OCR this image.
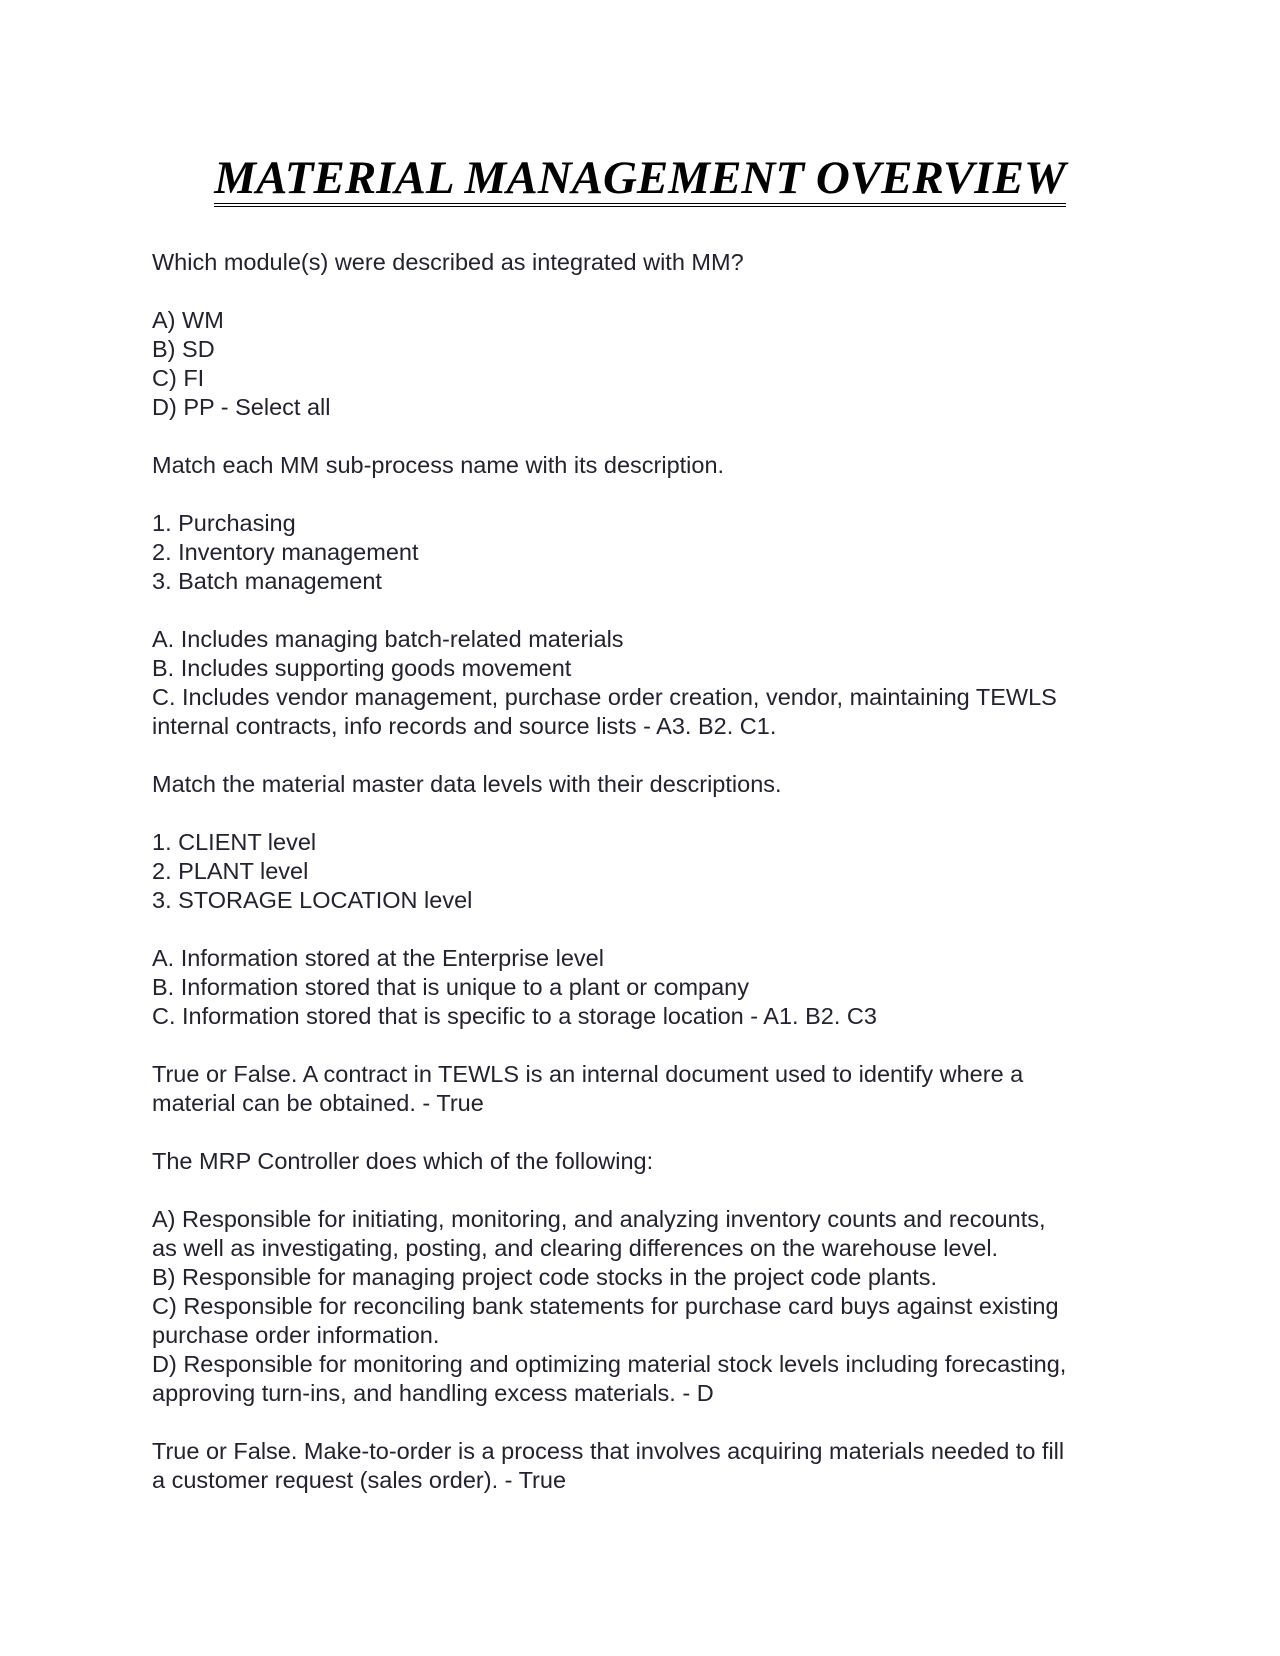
MATERIAL MANAGEMENT OVERVIEW
Which module(s) were described as integrated with MM?
A) WM
B) SD
C) FI
D) PP - Select all
Match each MM sub-process name with its description.
1. Purchasing
2. Inventory management
3. Batch management
A. Includes managing batch-related materials
B. Includes supporting goods movement
C. Includes vendor management, purchase order creation, vendor, maintaining TEWLS
internal contracts, info records and source lists - A3. B2. C1.
Match the material master data levels with their descriptions.
1. CLIENT level
2. PLANT level
3. STORAGE LOCATION level
A. Information stored at the Enterprise level
B. Information stored that is unique to a plant or company
C. Information stored that is specific to a storage location - A1. B2. C3
True or False. A contract in TEWLS is an internal document used to identify where a
material can be obtained. - True
The MRP Controller does which of the following:
A) Responsible for initiating, monitoring, and analyzing inventory counts and recounts,
as well as investigating, posting, and clearing differences on the warehouse level.
B) Responsible for managing project code stocks in the project code plants.
C) Responsible for reconciling bank statements for purchase card buys against existing
purchase order information.
D) Responsible for monitoring and optimizing material stock levels including forecasting,
approving turn-ins, and handling excess materials. - D
True or False. Make-to-order is a process that involves acquiring materials needed to fill
a customer request (sales order). - True
